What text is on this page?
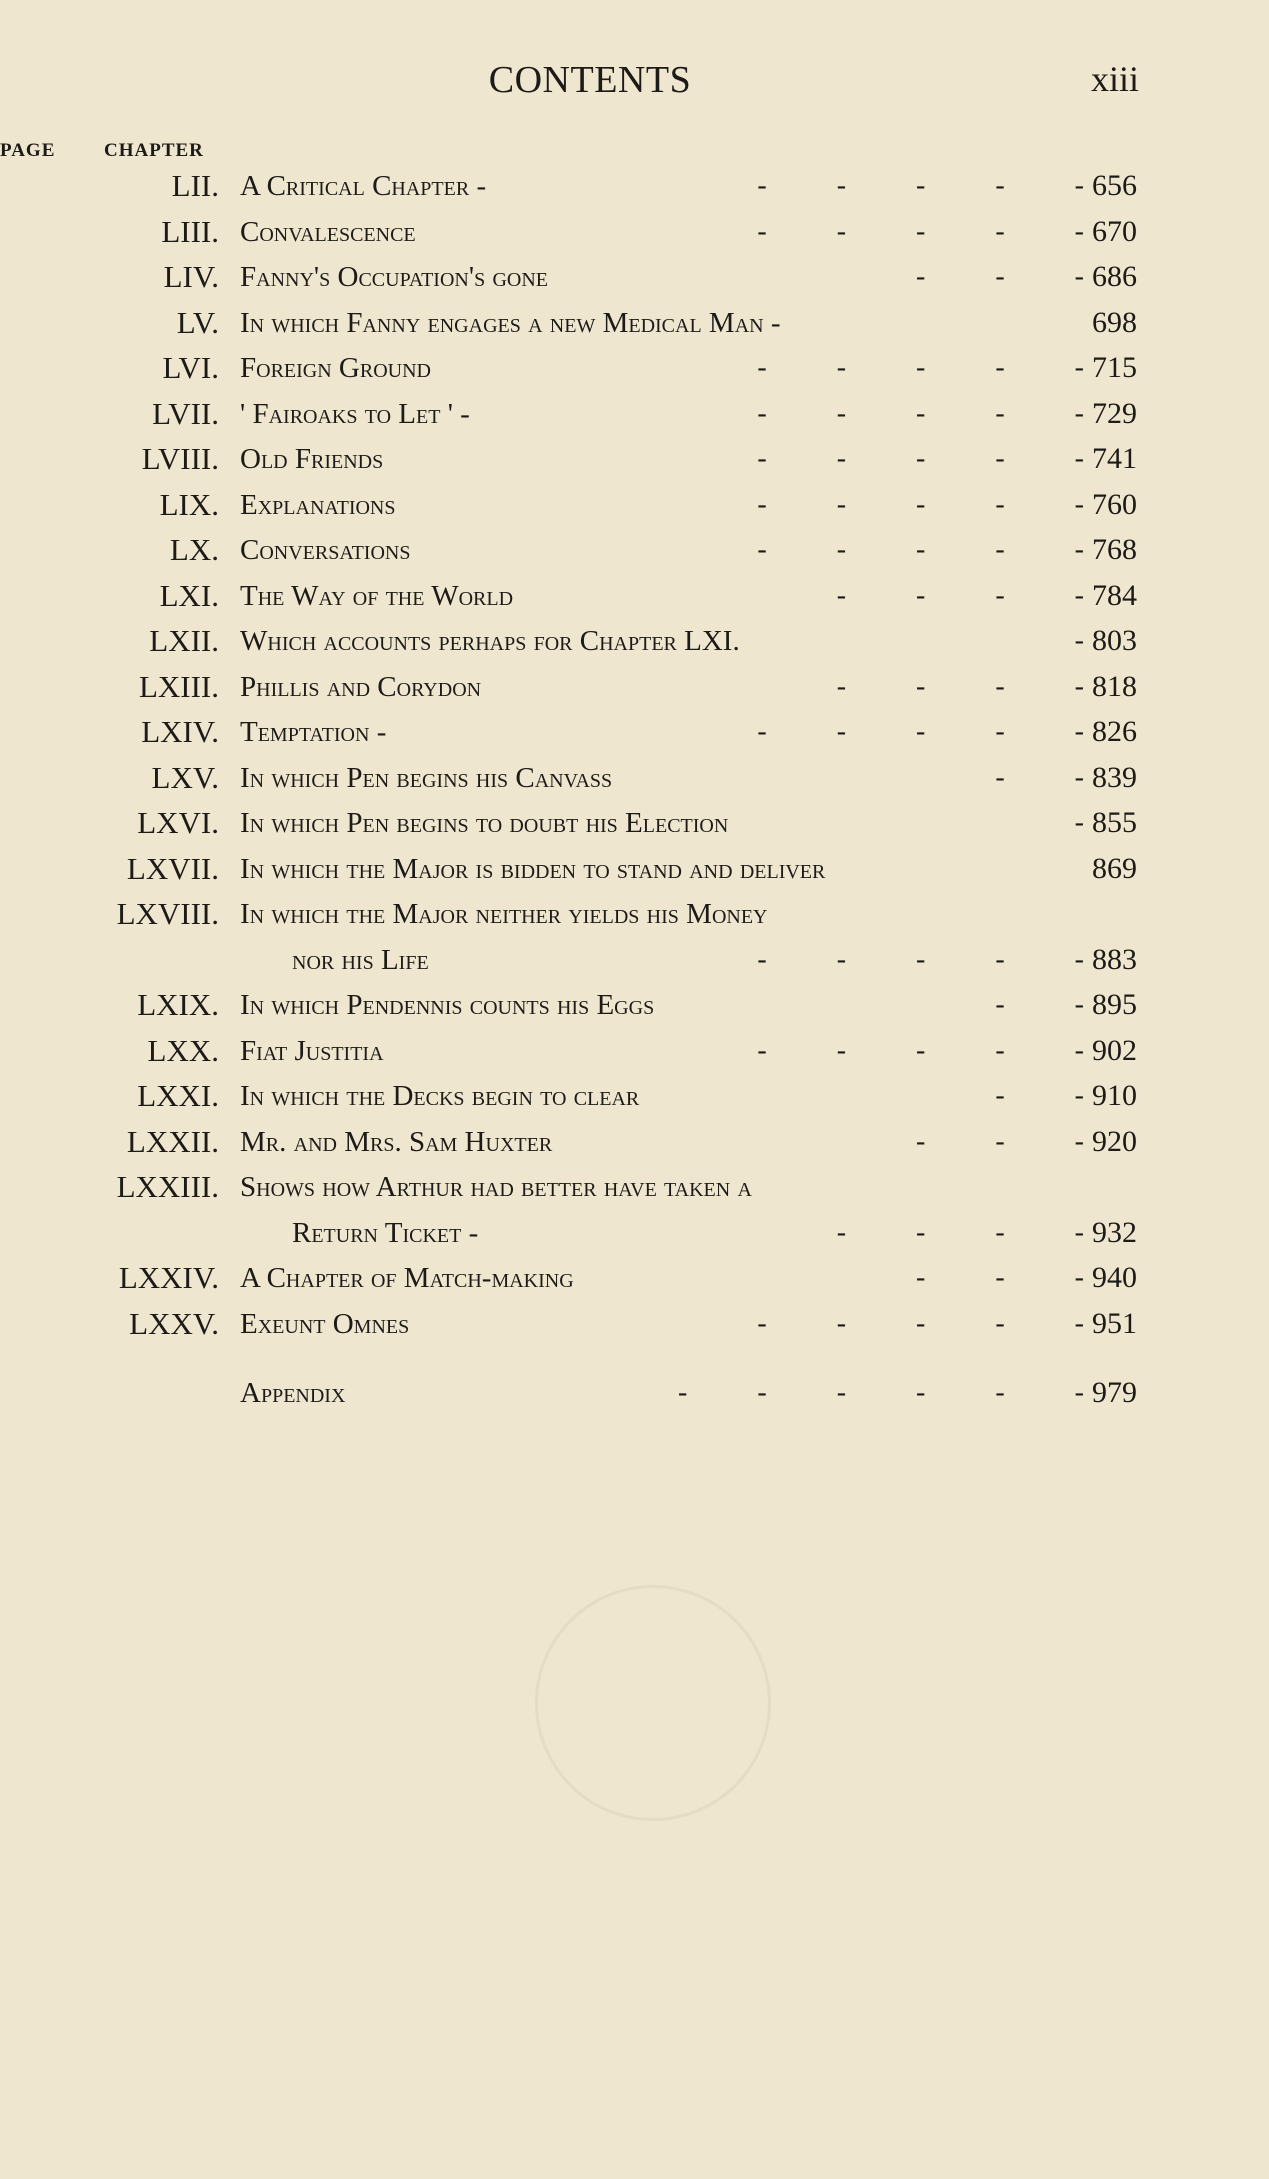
CONTENTS	xiii
CHAPTER
PAGE
LII. A Critical Chapter -	-          -          -          -          - 656
LIII. Convalescence	-          -          -          -          - 670
LIV. Fanny's Occupation's gone	-          -          - 686
LV. In which Fanny engages a new Medical Man -	698
LVI. Foreign Ground	-          -          -          -          - 715
LVII. ' Fairoaks to Let ' -	-          -          -          -          - 729
LVIII. Old Friends	-          -          -          -          - 741
LIX. Explanations	-          -          -          -          - 760
LX. Conversations	-          -          -          -          - 768
LXI. The Way of the World	-          -          -          - 784
LXII. Which accounts perhaps for Chapter LXI.	- 803
LXIII. Phillis and Corydon	-          -          -          - 818
LXIV. Temptation -	-          -          -          -          - 826
LXV. In which Pen begins his Canvass	-          - 839
LXVI. In which Pen begins to doubt his Election	- 855
LXVII. In which the Major is bidden to stand and deliver	869
LXVIII. In which the Major neither yields his Money
nor his Life	-          -          -          -          - 883
LXIX. In which Pendennis counts his Eggs	-          - 895
LXX. Fiat Justitia	-          -          -          -          - 902
LXXI. In which the Decks begin to clear	-          - 910
LXXII. Mr. and Mrs. Sam Huxter	-          -          - 920
LXXIII. Shows how Arthur had better have taken a
Return Ticket -	-          -          -          - 932
LXXIV. A Chapter of Match-making	-          -          - 940
LXXV. Exeunt Omnes	-          -          -          -          - 951
Appendix	-          -          -          -          -          - 979
